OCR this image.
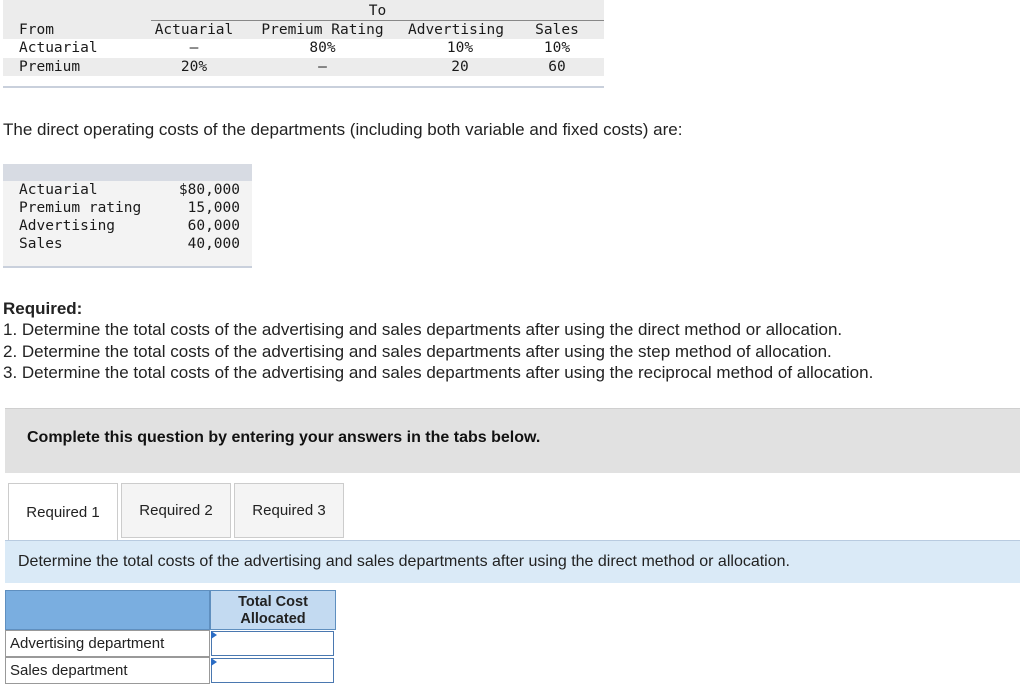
To
From	Actuarial	Premium Rating	Advertising	Sales
Actuarial	—	80%	10%	10%
Premium	20%	—	20	60
The direct operating costs of the departments (including both variable and fixed costs) are:
Actuarial	$80,000
Premium rating	15,000
Advertising	60,000
Sales	40,000
Required:
1. Determine the total costs of the advertising and sales departments after using the direct method or allocation.
2. Determine the total costs of the advertising and sales departments after using the step method of allocation.
3. Determine the total costs of the advertising and sales departments after using the reciprocal method of allocation.
Complete this question by entering your answers in the tabs below.
Required 1	Required 2	Required 3
Determine the total costs of the advertising and sales departments after using the direct method or allocation.
Total Cost Allocated
Advertising department
Sales department
